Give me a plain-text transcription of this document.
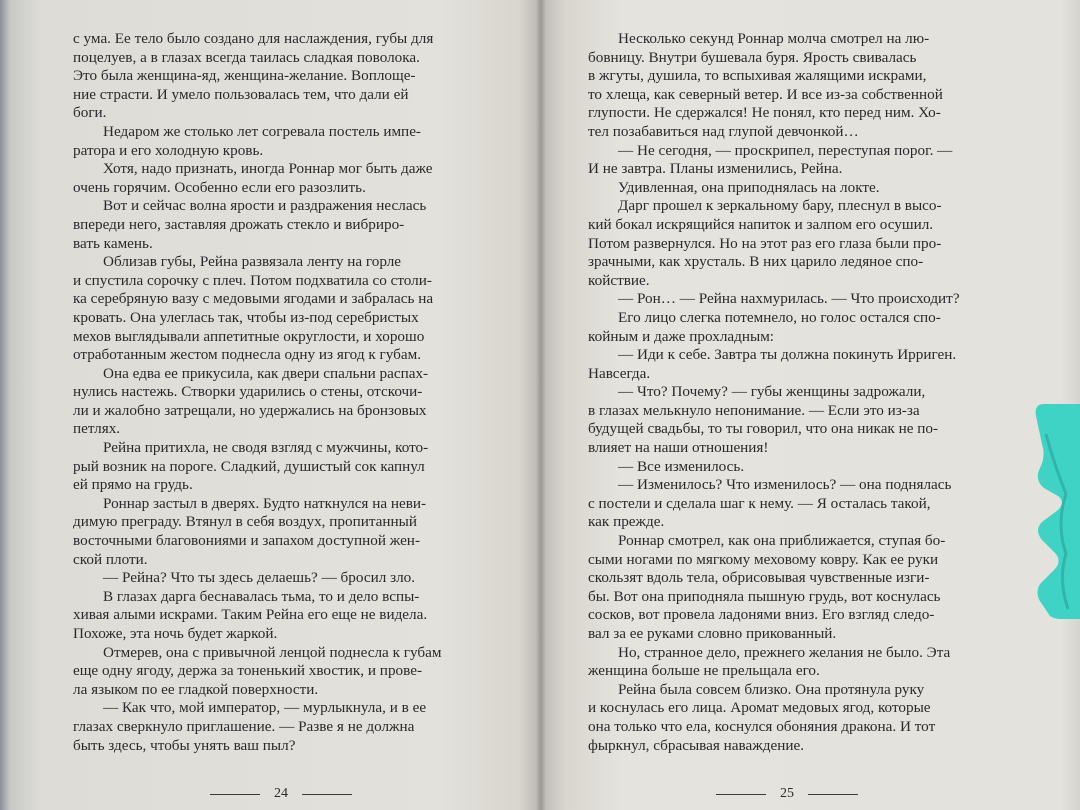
с ума. Ее тело было создано для наслаждения, губы для

поцелуев, а в глазах всегда таилась сладкая поволока.

Это была женщина-яд, женщина-желание. Воплоще-

ние страсти. И умело пользовалась тем, что дали ей

боги.

Недаром же столько лет согревала постель импе-

ратора и его холодную кровь.

Хотя, надо признать, иногда Роннар мог быть даже

очень горячим. Особенно если его разозлить.

Вот и сейчас волна ярости и раздражения неслась

впереди него, заставляя дрожать стекло и вибриро-

вать камень.

Облизав губы, Рейна развязала ленту на горле

и спустила сорочку с плеч. Потом подхватила со столи-

ка серебряную вазу с медовыми ягодами и забралась на

кровать. Она улеглась так, чтобы из-под серебристых

мехов выглядывали аппетитные округлости, и хорошо

отработанным жестом поднесла одну из ягод к губам.

Она едва ее прикусила, как двери спальни распах-

нулись настежь. Створки ударились о стены, отскочи-

ли и жалобно затрещали, но удержались на бронзовых

петлях.

Рейна притихла, не сводя взгляд с мужчины, кото-

рый возник на пороге. Сладкий, душистый сок капнул

ей прямо на грудь.

Роннар застыл в дверях. Будто наткнулся на неви-

димую преграду. Втянул в себя воздух, пропитанный

восточными благовониями и запахом доступной жен-

ской плоти.

— Рейна? Что ты здесь делаешь? — бросил зло.

В глазах дарга беснавалась тьма, то и дело вспы-

хивая алыми искрами. Таким Рейна его еще не видела.

Похоже, эта ночь будет жаркой.

Отмерев, она с привычной ленцой поднесла к губам

еще одну ягоду, держа за тоненький хвостик, и прове-

ла языком по ее гладкой поверхности.

— Как что, мой император, — мурлыкнула, и в ее

глазах сверкнуло приглашение. — Разве я не должна

быть здесь, чтобы унять ваш пыл?

24

Несколько секунд Роннар молча смотрел на лю-

бовницу. Внутри бушевала буря. Ярость свивалась

в жгуты, душила, то вспыхивая жалящими искрами,

то хлеща, как северный ветер. И все из-за собственной

глупости. Не сдержался! Не понял, кто перед ним. Хо-

тел позабавиться над глупой девчонкой…

— Не сегодня, — проскрипел, переступая порог. —

И не завтра. Планы изменились, Рейна.

Удивленная, она приподнялась на локте.

Дарг прошел к зеркальному бару, плеснул в высо-

кий бокал искрящийся напиток и залпом его осушил.

Потом развернулся. Но на этот раз его глаза были про-

зрачными, как хрусталь. В них царило ледяное спо-

койствие.

— Рон… — Рейна нахмурилась. — Что происходит?

Его лицо слегка потемнело, но голос остался спо-

койным и даже прохладным:

— Иди к себе. Завтра ты должна покинуть Ирриген.

Навсегда.

— Что? Почему? — губы женщины задрожали,

в глазах мелькнуло непонимание. — Если это из-за

будущей свадьбы, то ты говорил, что она никак не по-

влияет на наши отношения!

— Все изменилось.

— Изменилось? Что изменилось? — она поднялась

с постели и сделала шаг к нему. — Я осталась такой,

как прежде.

Роннар смотрел, как она приближается, ступая бо-

сыми ногами по мягкому меховому ковру. Как ее руки

скользят вдоль тела, обрисовывая чувственные изги-

бы. Вот она приподняла пышную грудь, вот коснулась

сосков, вот провела ладонями вниз. Его взгляд следо-

вал за ее руками словно прикованный.

Но, странное дело, прежнего желания не было. Эта

женщина больше не прельщала его.

Рейна была совсем близко. Она протянула руку

и коснулась его лица. Аромат медовых ягод, которые

она только что ела, коснулся обоняния дракона. И тот

фыркнул, сбрасывая наваждение.

25
